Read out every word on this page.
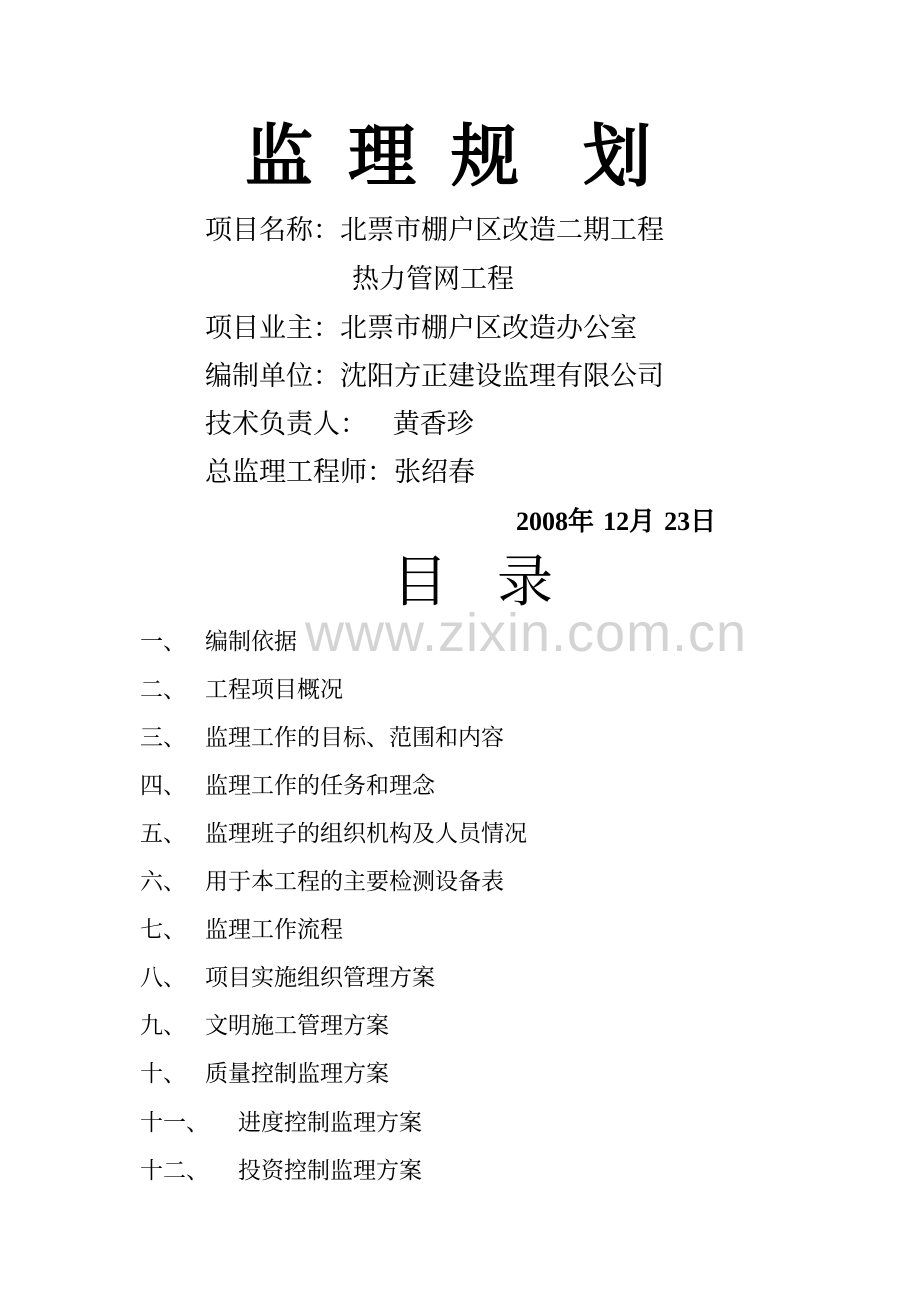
监 理 规 划
项目名称：北票市棚户区改造二期工程
热力管网工程
项目业主：北票市棚户区改造办公室
编制单位：沈阳方正建设监理有限公司
技术负责人：   黄香珍
总监理工程师：张绍春
2008年 12月 23日
目 录
www.zixin.com.cn
一、 编制依据
二、 工程项目概况
三、 监理工作的目标、范围和内容
四、 监理工作的任务和理念
五、 监理班子的组织机构及人员情况
六、 用于本工程的主要检测设备表
七、 监理工作流程
八、 项目实施组织管理方案
九、 文明施工管理方案
十、 质量控制监理方案
十一、 进度控制监理方案
十二、 投资控制监理方案
